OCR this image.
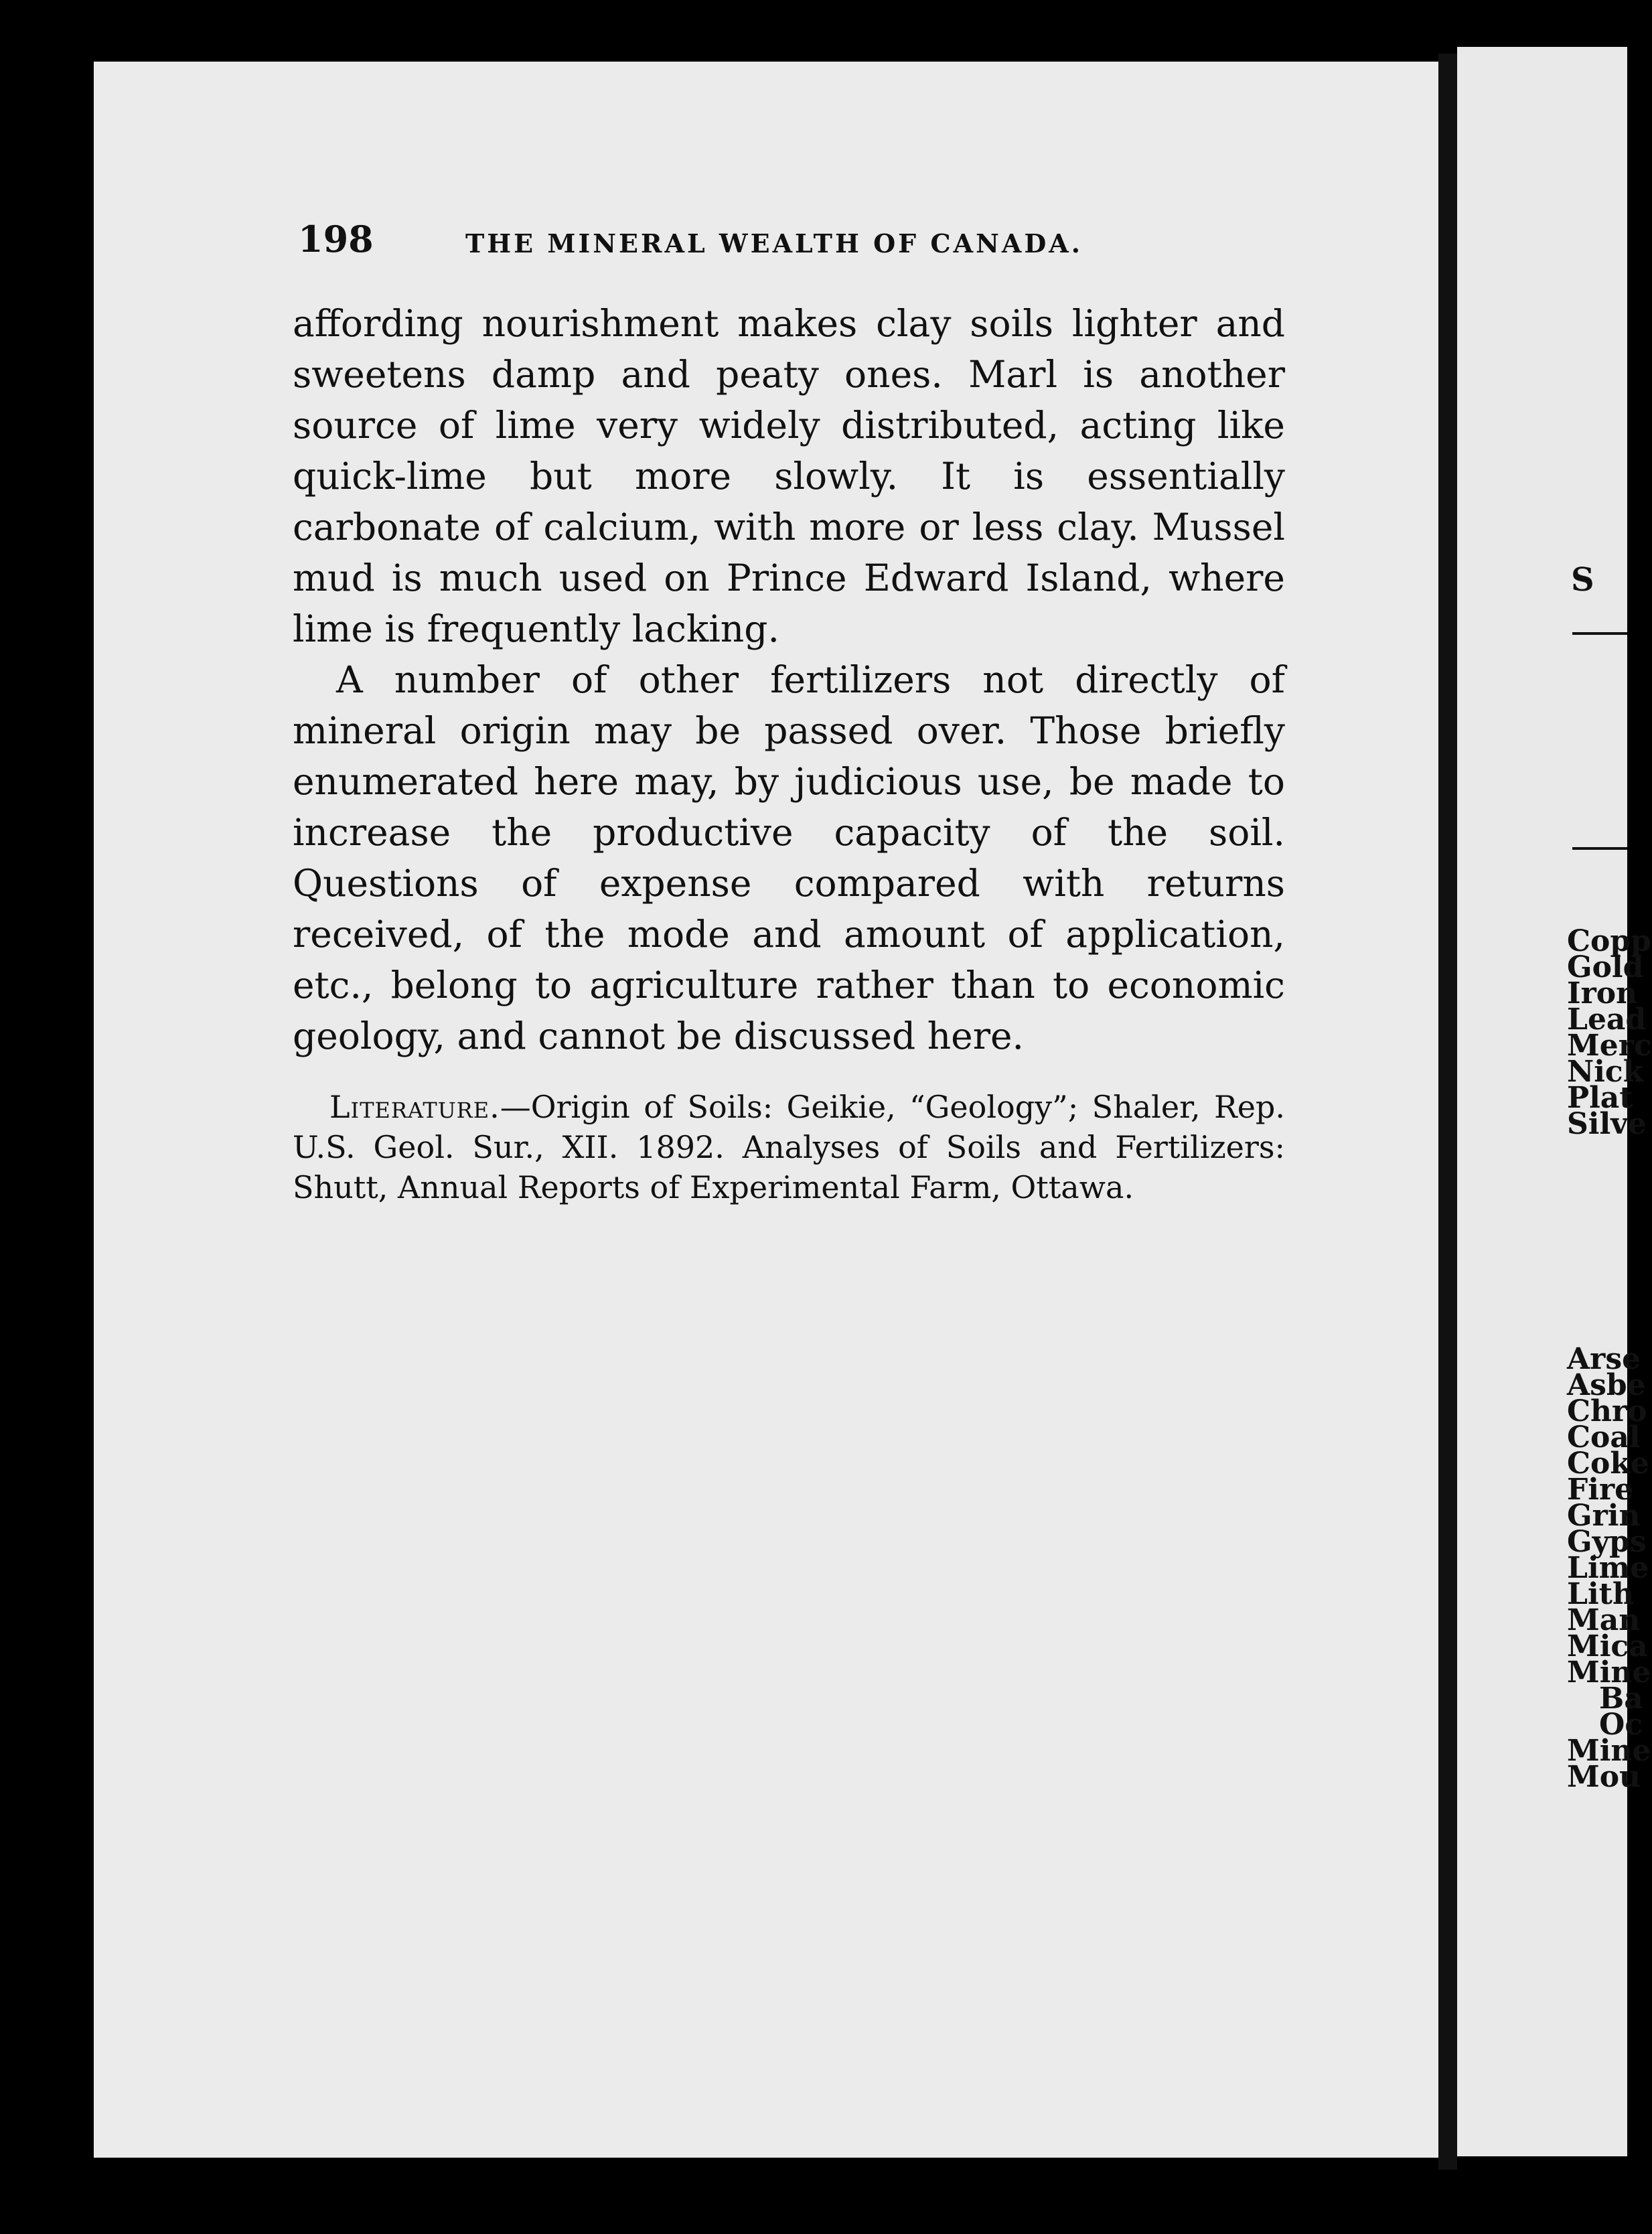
198	THE MINERAL WEALTH OF CANADA.

affording nourishment makes clay soils lighter and sweetens damp and peaty ones. Marl is another source of lime very widely distributed, acting like quick-lime but more slowly. It is essentially carbonate of calcium, with more or less clay. Mussel mud is much used on Prince Edward Island, where lime is frequently lacking.

A number of other fertilizers not directly of mineral origin may be passed over. Those briefly enumerated here may, by judicious use, be made to increase the productive capacity of the soil. Questions of expense compared with returns received, of the mode and amount of application, etc., belong to agriculture rather than to economic geology, and cannot be discussed here.

Literature.—Origin of Soils: Geikie, “Geology”; Shaler, Rep. U.S. Geol. Sur., XII. 1892. Analyses of Soils and Fertilizers: Shutt, Annual Reports of Experimental Farm, Ottawa.

S
Copp
Gold
Iron
Lead
Merc
Nick
Plat
Silve
Arse
Asbe
Chro
Coal
Coke
Fire
Grin
Gyps
Lime
Lith
Man
Mica
Mine
Ba
Oc
Mine
Mou
